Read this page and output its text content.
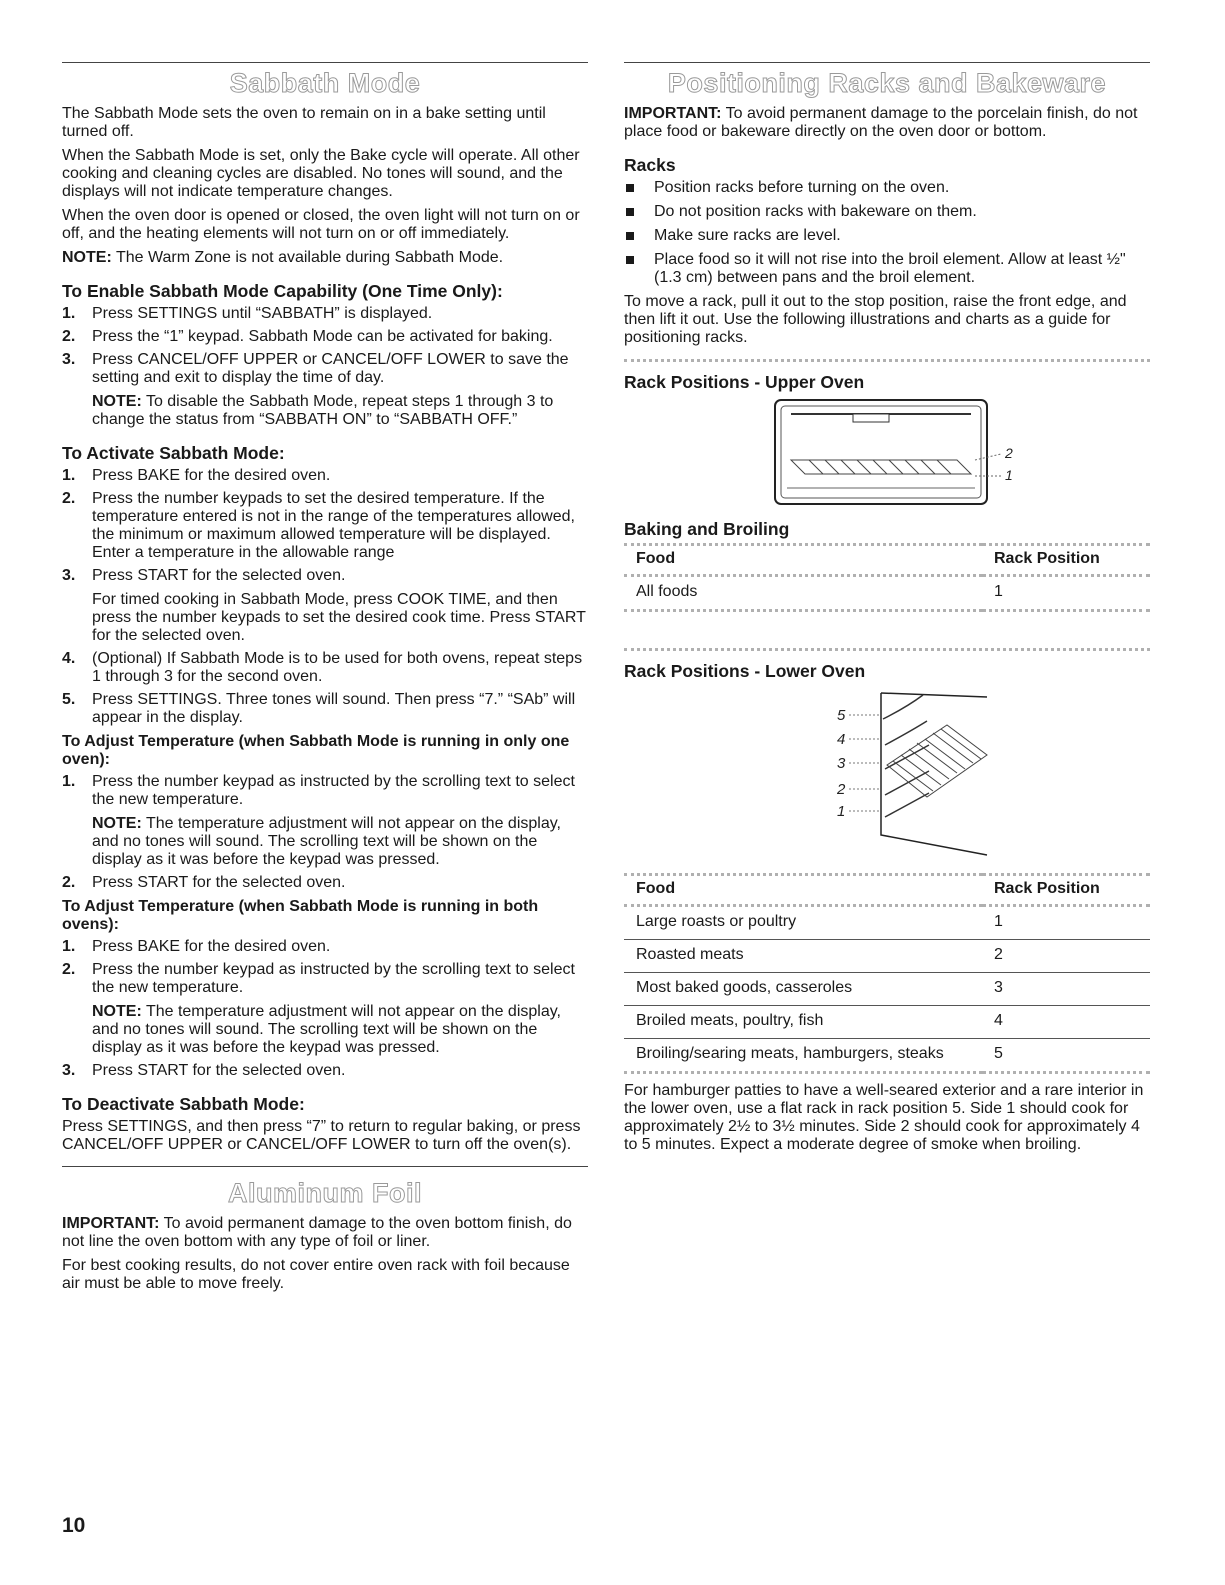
Sabbath Mode

The Sabbath Mode sets the oven to remain on in a bake setting until turned off.

When the Sabbath Mode is set, only the Bake cycle will operate. All other cooking and cleaning cycles are disabled. No tones will sound, and the displays will not indicate temperature changes.

When the oven door is opened or closed, the oven light will not turn on or off, and the heating elements will not turn on or off immediately.

NOTE: The Warm Zone is not available during Sabbath Mode.

To Enable Sabbath Mode Capability (One Time Only):
1. Press SETTINGS until “SABBATH” is displayed.
2. Press the “1” keypad. Sabbath Mode can be activated for baking.
3. Press CANCEL/OFF UPPER or CANCEL/OFF LOWER to save the setting and exit to display the time of day.
NOTE: To disable the Sabbath Mode, repeat steps 1 through 3 to change the status from “SABBATH ON” to “SABBATH OFF.”
To Activate Sabbath Mode:
1. Press BAKE for the desired oven.
2. Press the number keypads to set the desired temperature. If the temperature entered is not in the range of the temperatures allowed, the minimum or maximum allowed temperature will be displayed. Enter a temperature in the allowable range
3. Press START for the selected oven.
For timed cooking in Sabbath Mode, press COOK TIME, and then press the number keypads to set the desired cook time. Press START for the selected oven.
4. (Optional) If Sabbath Mode is to be used for both ovens, repeat steps 1 through 3 for the second oven.
5. Press SETTINGS. Three tones will sound. Then press “7.” “SAb” will appear in the display.
To Adjust Temperature (when Sabbath Mode is running in only one oven):
1. Press the number keypad as instructed by the scrolling text to select the new temperature.
NOTE: The temperature adjustment will not appear on the display, and no tones will sound. The scrolling text will be shown on the display as it was before the keypad was pressed.
2. Press START for the selected oven.
To Adjust Temperature (when Sabbath Mode is running in both ovens):
1. Press BAKE for the desired oven.
2. Press the number keypad as instructed by the scrolling text to select the new temperature.
NOTE: The temperature adjustment will not appear on the display, and no tones will sound. The scrolling text will be shown on the display as it was before the keypad was pressed.
3. Press START for the selected oven.
To Deactivate Sabbath Mode:

Press SETTINGS, and then press “7” to return to regular baking, or press CANCEL/OFF UPPER or CANCEL/OFF LOWER to turn off the oven(s).

Aluminum Foil

IMPORTANT: To avoid permanent damage to the oven bottom finish, do not line the oven bottom with any type of foil or liner.

For best cooking results, do not cover entire oven rack with foil because air must be able to move freely.

Positioning Racks and Bakeware

IMPORTANT: To avoid permanent damage to the porcelain finish, do not place food or bakeware directly on the oven door or bottom.

Racks
Position racks before turning on the oven.
Do not position racks with bakeware on them.
Make sure racks are level.
Place food so it will not rise into the broil element. Allow at least ½" (1.3 cm) between pans and the broil element.

To move a rack, pull it out to the stop position, raise the front edge, and then lift it out. Use the following illustrations and charts as a guide for positioning racks.

Rack Positions - Upper Oven
2
1
Baking and Broiling
Food	Rack Position
All foods	1
Rack Positions - Lower Oven
5
4
3
2
1
Food	Rack Position
Large roasts or poultry	1
Roasted meats	2
Most baked goods, casseroles	3
Broiled meats, poultry, fish	4
Broiling/searing meats, hamburgers, steaks	5

For hamburger patties to have a well-seared exterior and a rare interior in the lower oven, use a flat rack in rack position 5. Side 1 should cook for approximately 2½ to 3½ minutes. Side 2 should cook for approximately 4 to 5 minutes. Expect a moderate degree of smoke when broiling.

10
